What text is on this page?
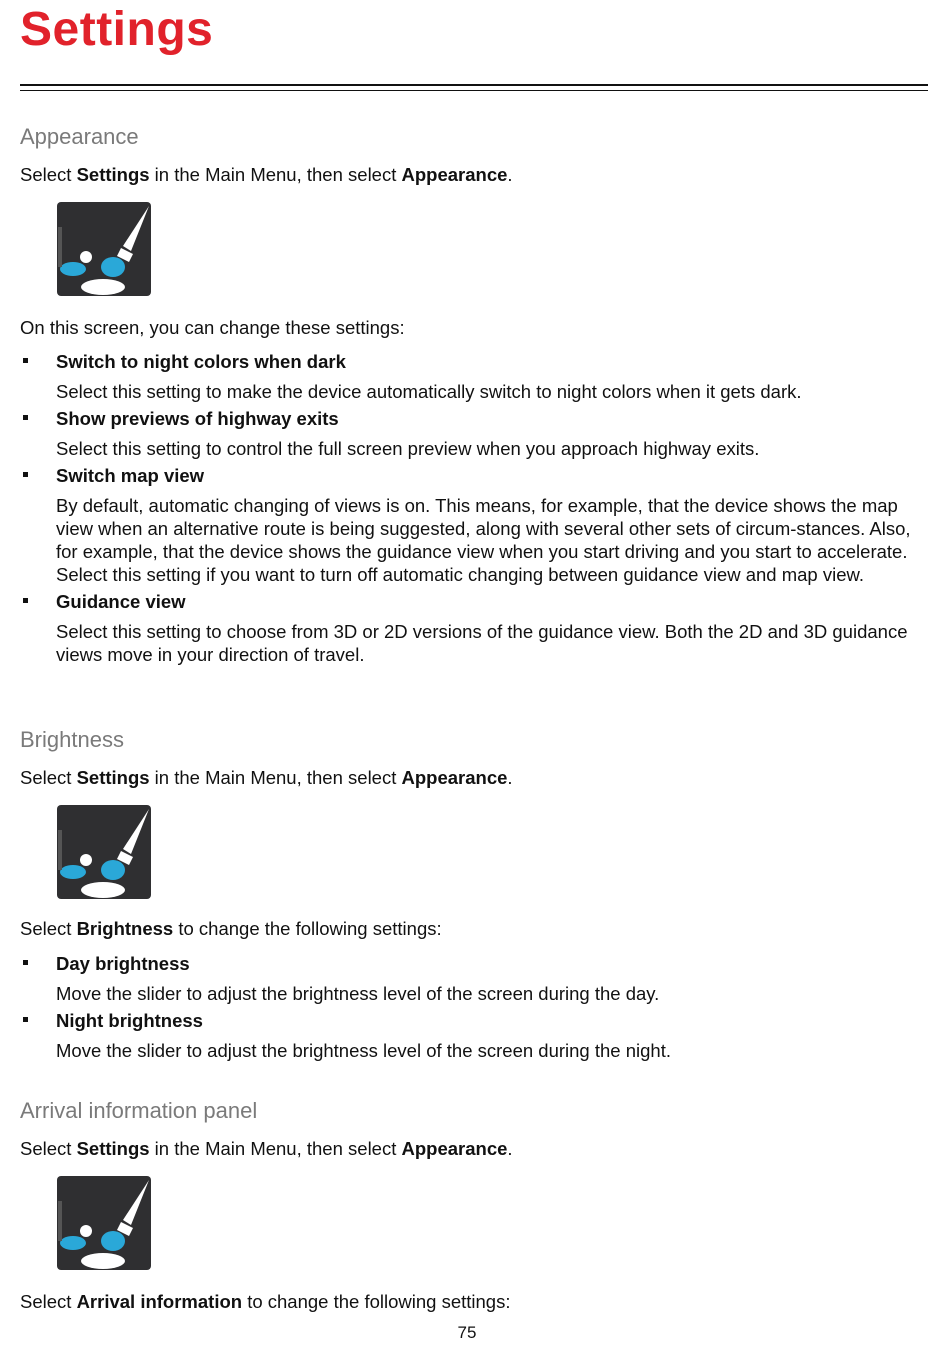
Settings
Appearance

Select Settings in the Main Menu, then select Appearance.

On this screen, you can change these settings:

Switch to night colors when dark

Select this setting to make the device automatically switch to night colors when it gets dark.

Show previews of highway exits

Select this setting to control the full screen preview when you approach highway exits.

Switch map view

By default, automatic changing of views is on. This means, for example, that the device shows the map view when an alternative route is being suggested, along with several other sets of circum-stances. Also, for example, that the device shows the guidance view when you start driving and you start to accelerate. Select this setting if you want to turn off automatic changing between guidance view and map view.

Guidance view

Select this setting to choose from 3D or 2D versions of the guidance view. Both the 2D and 3D guidance views move in your direction of travel.

Brightness

Select Settings in the Main Menu, then select Appearance.

Select Brightness to change the following settings:

Day brightness

Move the slider to adjust the brightness level of the screen during the day.

Night brightness

Move the slider to adjust the brightness level of the screen during the night.

Arrival information panel

Select Settings in the Main Menu, then select Appearance.

Select Arrival information to change the following settings:

75
